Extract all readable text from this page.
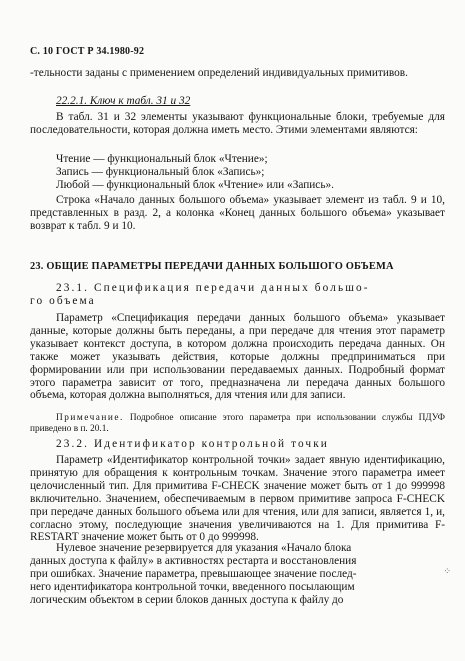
С. 10 ГОСТ Р 34.1980-92
-тельности заданы с применением определений индивидуальных примитивов.
22.2.1. Ключ к табл. 31 и 32
В табл. 31 и 32 элементы указывают функциональные блоки, требуемые для последовательности, которая должна иметь место. Этими элементами являются:
Чтение — функциональный блок «Чтение»;
Запись — функциональный блок «Запись»;
Любой — функциональный блок «Чтение» или «Запись».
Строка «Начало данных большого объема» указывает элемент из табл. 9 и 10, представленных в разд. 2, а колонка «Конец данных большого объема» указывает возврат к табл. 9 и 10.
23. ОБЩИЕ ПАРАМЕТРЫ ПЕРЕДАЧИ ДАННЫХ БОЛЬШОГО ОБЪЕМА
23.1. Спецификация передачи данных большо-
го объема
Параметр «Спецификация передачи данных большого объема» указывает данные, которые должны быть переданы, а при передаче для чтения этот параметр указывает контекст доступа, в котором должна происходить передача данных. Он также может указывать действия, которые должны предприниматься при формировании или при использовании передаваемых данных. Подробный формат этого параметра зависит от того, предназначена ли передача данных большого объема, которая должна выполняться, для чтения или для записи.
Примечание. Подробное описание этого параметра при использовании службы ПДУФ приведено в п. 20.1.
23.2. Идентификатор контрольной точки
Параметр «Идентификатор контрольной точки» задает явную идентификацию, принятую для обращения к контрольным точкам. Значение этого параметра имеет целочисленный тип. Для примитива F-CHECK значение может быть от 1 до 999998 включительно. Значением, обеспечиваемым в первом примитиве запроса F-CHECK при передаче данных большого объема или для чтения, или для записи, является 1, и, согласно этому, последующие значения увеличиваются на 1. Для примитива F-RESTART значение может быть от 0 до 999998.
Нулевое значение резервируется для указания «Начало блока
данных доступа к файлу» в активностях рестарта и восстановления
при ошибках. Значение параметра, превышающее значение послед-
него идентификатора контрольной точки, введенного посылающим
логическим объектом в серии блоков данных доступа к файлу до
⁘
